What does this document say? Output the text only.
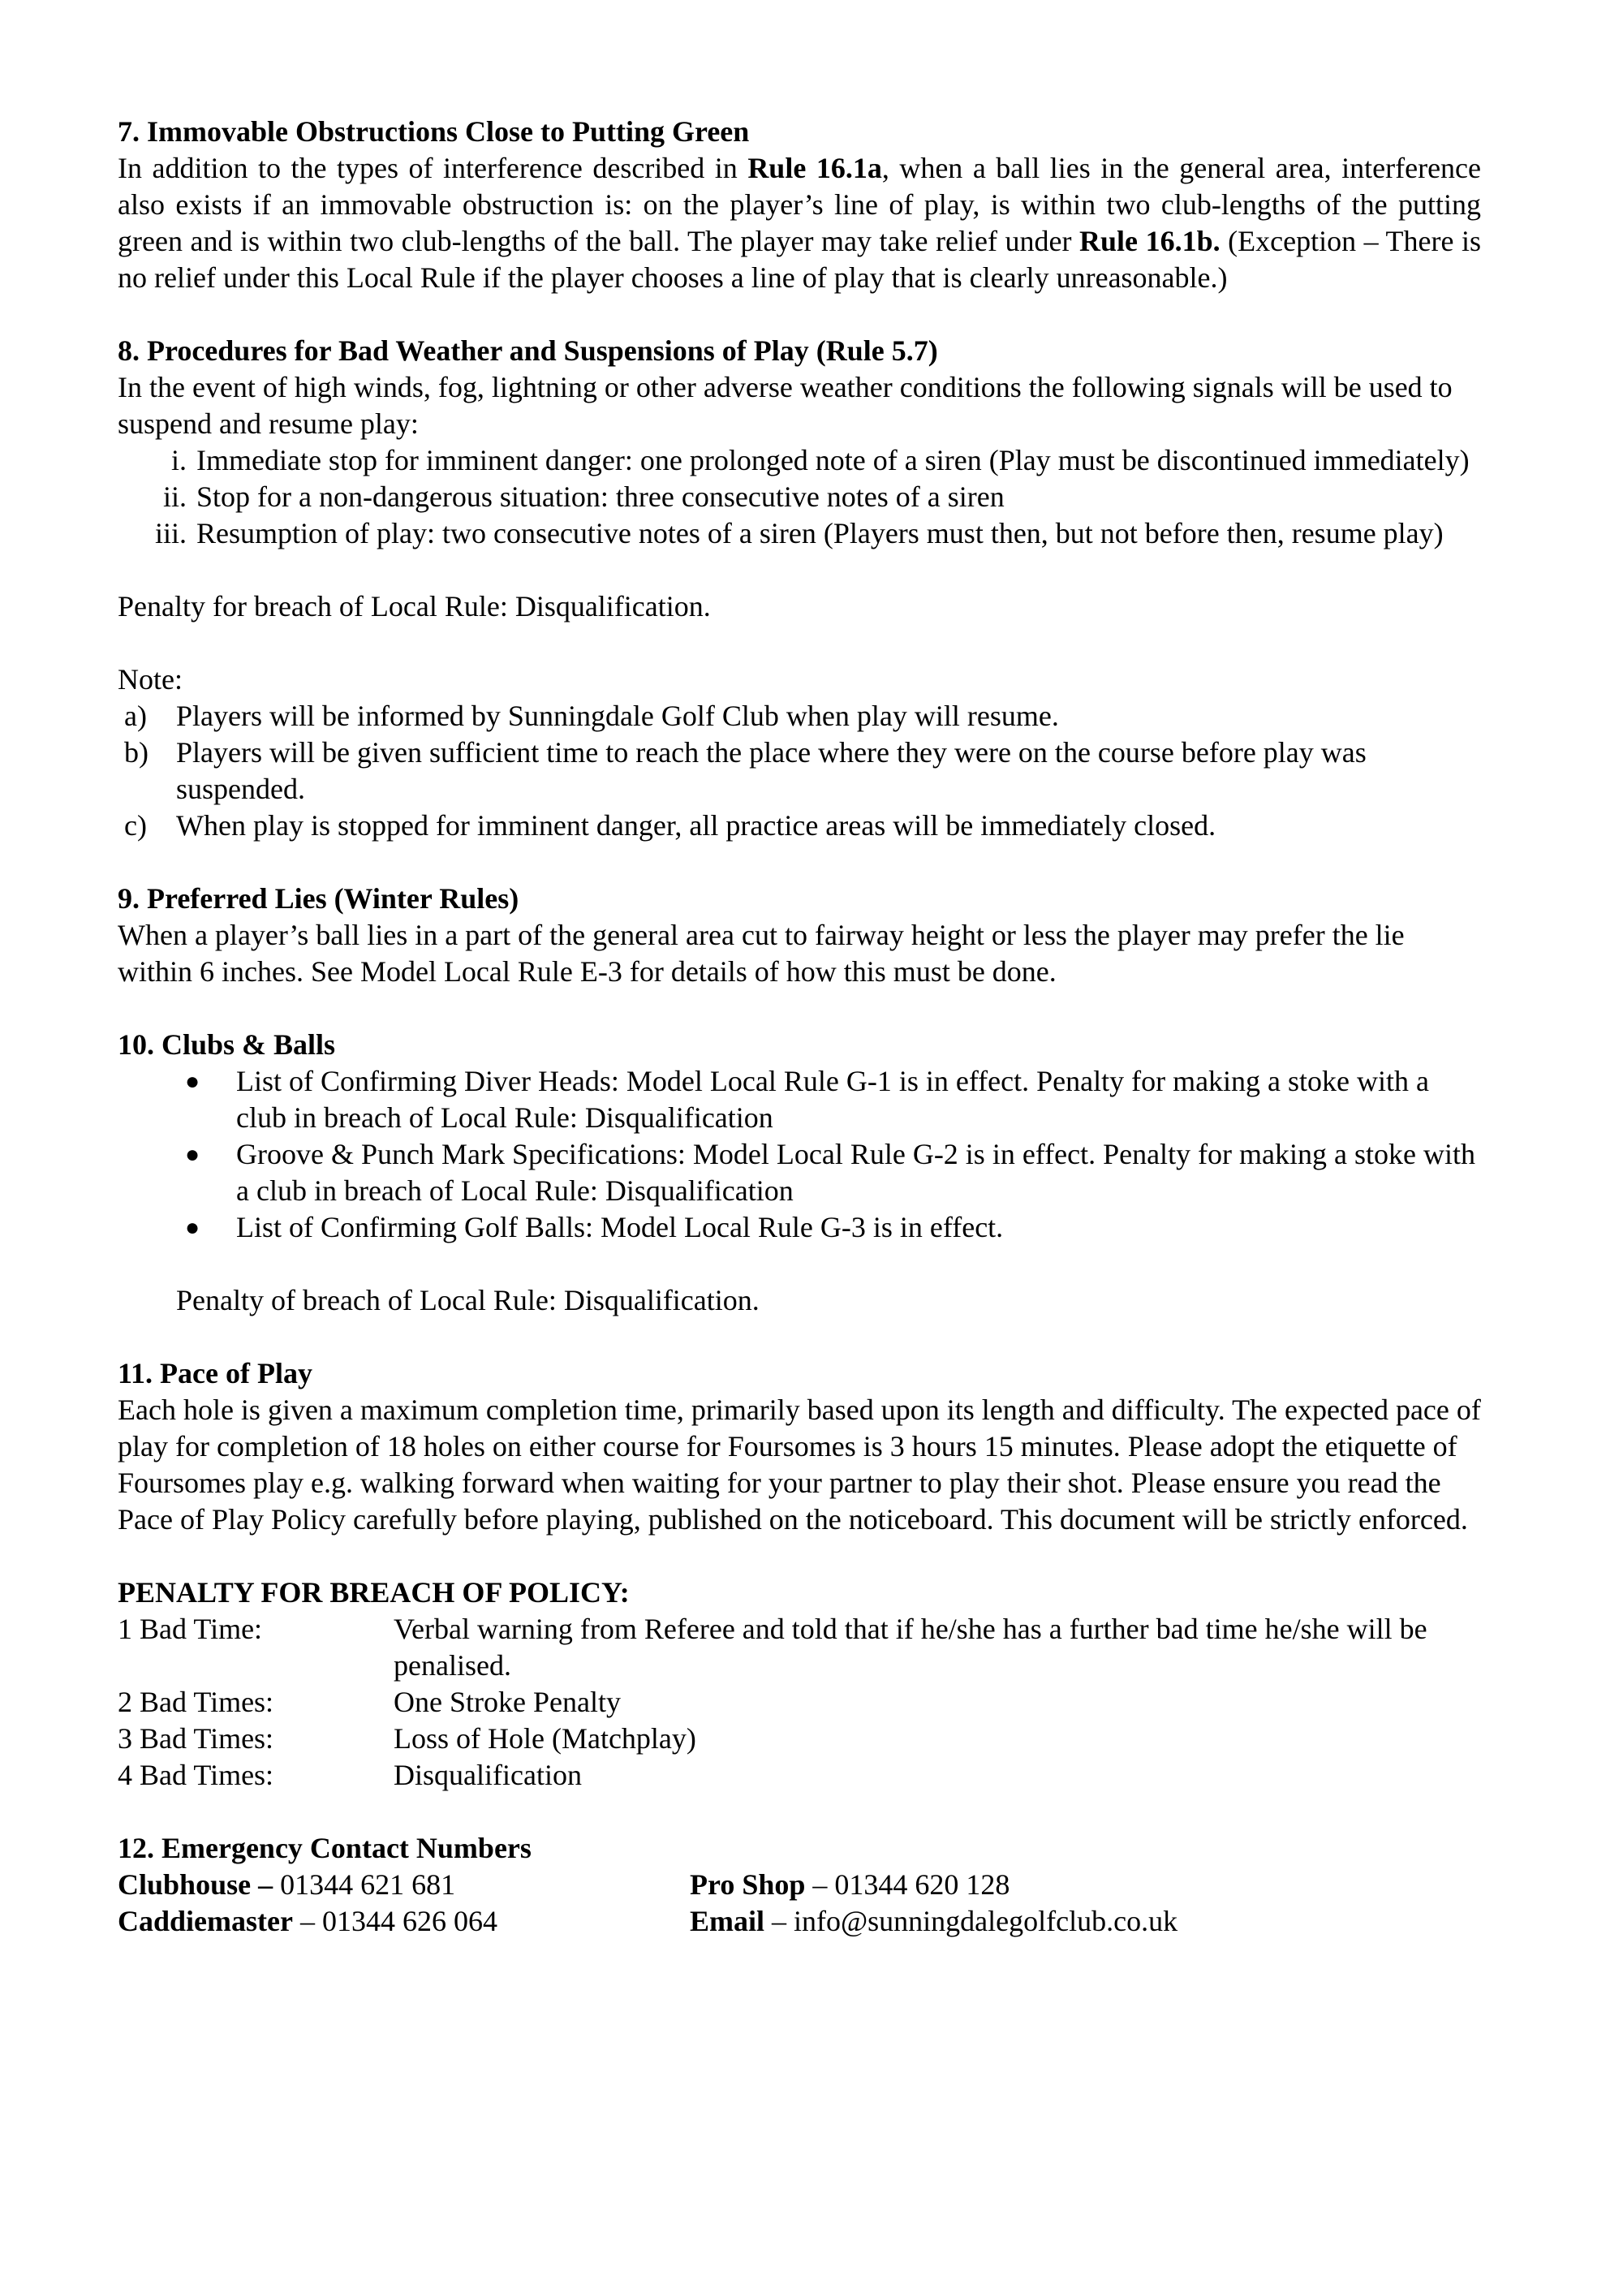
7. Immovable Obstructions Close to Putting Green

In addition to the types of interference described in Rule 16.1a, when a ball lies in the general area, interference also exists if an immovable obstruction is: on the player’s line of play, is within two club-lengths of the putting green and is within two club-lengths of the ball. The player may take relief under Rule 16.1b. (Exception – There is no relief under this Local Rule if the player chooses a line of play that is clearly unreasonable.)

8. Procedures for Bad Weather and Suspensions of Play (Rule 5.7)

In the event of high winds, fog, lightning or other adverse weather conditions the following signals will be used to suspend and resume play:

i. Immediate stop for imminent danger: one prolonged note of a siren (Play must be discontinued immediately)
ii. Stop for a non-dangerous situation: three consecutive notes of a siren
iii. Resumption of play: two consecutive notes of a siren (Players must then, but not before then, resume play)

Penalty for breach of Local Rule: Disqualification.

Note:

a) Players will be informed by Sunningdale Golf Club when play will resume.
b) Players will be given sufficient time to reach the place where they were on the course before play was suspended.
c) When play is stopped for imminent danger, all practice areas will be immediately closed.

9. Preferred Lies (Winter Rules)

When a player’s ball lies in a part of the general area cut to fairway height or less the player may prefer the lie within 6 inches. See Model Local Rule E-3 for details of how this must be done.

10. Clubs & Balls

● List of Confirming Diver Heads: Model Local Rule G-1 is in effect. Penalty for making a stoke with a club in breach of Local Rule: Disqualification
● Groove & Punch Mark Specifications: Model Local Rule G-2 is in effect. Penalty for making a stoke with a club in breach of Local Rule: Disqualification
● List of Confirming Golf Balls: Model Local Rule G-3 is in effect.

Penalty of breach of Local Rule: Disqualification.

11. Pace of Play

Each hole is given a maximum completion time, primarily based upon its length and difficulty. The expected pace of play for completion of 18 holes on either course for Foursomes is 3 hours 15 minutes. Please adopt the etiquette of Foursomes play e.g. walking forward when waiting for your partner to play their shot. Please ensure you read the Pace of Play Policy carefully before playing, published on the noticeboard. This document will be strictly enforced.

PENALTY FOR BREACH OF POLICY:

1 Bad Time:	Verbal warning from Referee and told that if he/she has a further bad time he/she will be penalised.
2 Bad Times:	One Stroke Penalty
3 Bad Times:	Loss of Hole (Matchplay)
4 Bad Times:	Disqualification

12. Emergency Contact Numbers

Clubhouse – 01344 621 681	Pro Shop – 01344 620 128
Caddiemaster – 01344 626 064	Email – info@sunningdalegolfclub.co.uk
